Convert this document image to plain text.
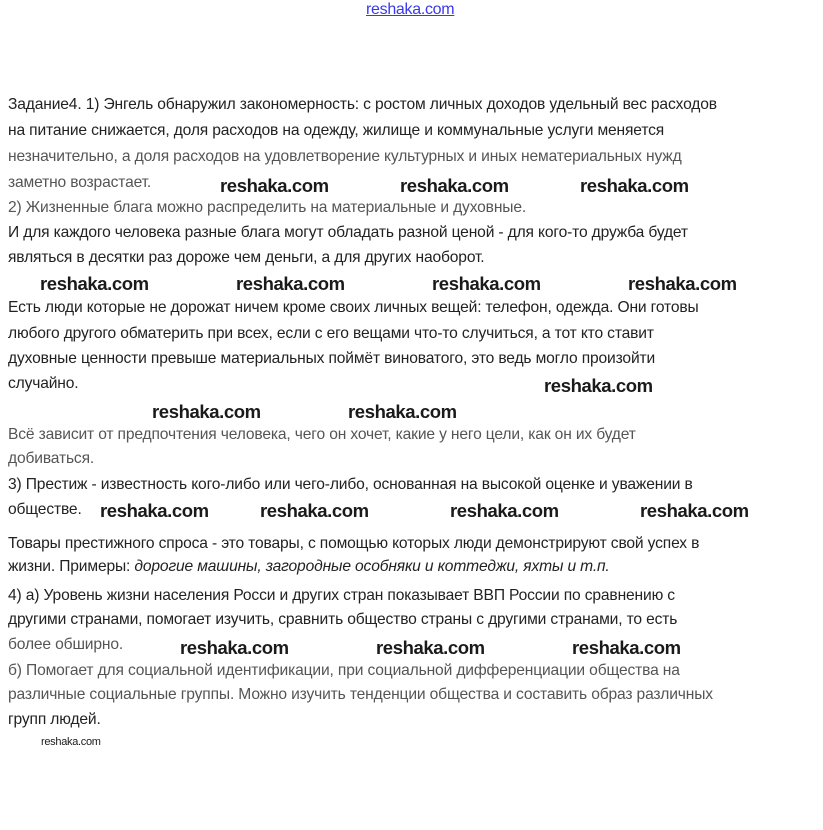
reshaka.com
Задание4. 1) Энгель обнаружил закономерность: с ростом личных доходов удельный вес расходов
на питание снижается, доля расходов на одежду, жилище и коммунальные услуги меняется
незначительно, а доля расходов на удовлетворение культурных и иных нематериальных нужд
заметно возрастает.
2) Жизненные блага можно распределить на материальные и духовные.
И для каждого человека разные блага могут обладать разной ценой - для кого-то дружба будет
являться в десятки раз дороже чем деньги, а для других наоборот.
Есть люди которые не дорожат ничем кроме своих личных вещей: телефон, одежда. Они готовы
любого другого обматерить при всех, если с его вещами что-то случиться, а тот кто ставит
духовные ценности превыше материальных поймёт виноватого, это ведь могло произойти
случайно.
Всё зависит от предпочтения человека, чего он хочет, какие у него цели, как он их будет
добиваться.
3) Престиж - известность кого-либо или чего-либо, основанная на высокой оценке и уважении в
обществе.
Товары престижного спроса - это товары, с помощью которых люди демонстрируют свой успех в
жизни. Примеры: дорогие машины, загородные особняки и коттеджи, яхты и т.п.
4) а) Уровень жизни населения Росси и других стран показывает ВВП России по сравнению с
другими странами, помогает изучить, сравнить общество страны с другими странами, то есть
более обширно.
б) Помогает для социальной идентификации, при социальной дифференциации общества на
различные социальные группы. Можно изучить тенденции общества и составить образ различных
групп людей.
reshaka.com	reshaka.com	reshaka.com
reshaka.com	reshaka.com	reshaka.com	reshaka.com
reshaka.com
reshaka.com	reshaka.com
reshaka.com	reshaka.com	reshaka.com	reshaka.com
reshaka.com	reshaka.com	reshaka.com
reshaka.com
